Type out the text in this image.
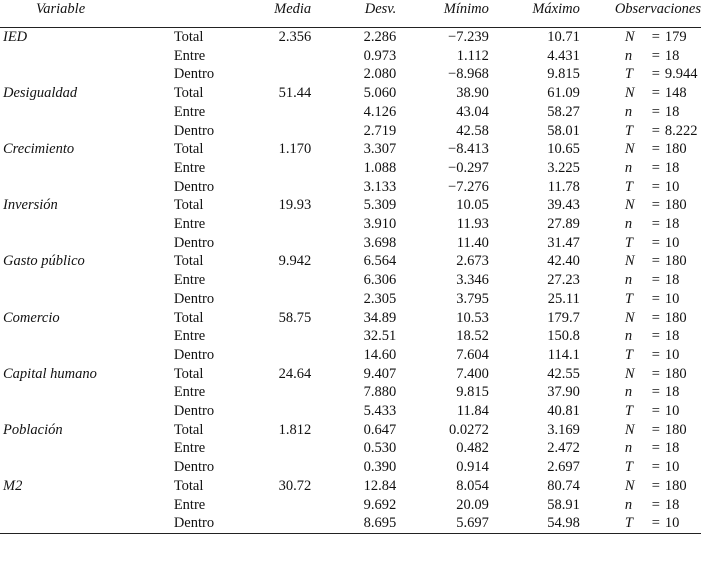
Variable		Media	Desv.	Mínimo	Máximo	Observaciones
IED	Total	2.356	2.286	−7.239	10.71	N = 179
	Entre		0.973	1.112	4.431	n = 18
	Dentro		2.080	−8.968	9.815	T = 9.944
Desigualdad	Total	51.44	5.060	38.90	61.09	N = 148
	Entre		4.126	43.04	58.27	n = 18
	Dentro		2.719	42.58	58.01	T = 8.222
Crecimiento	Total	1.170	3.307	−8.413	10.65	N = 180
	Entre		1.088	−0.297	3.225	n = 18
	Dentro		3.133	−7.276	11.78	T = 10
Inversión	Total	19.93	5.309	10.05	39.43	N = 180
	Entre		3.910	11.93	27.89	n = 18
	Dentro		3.698	11.40	31.47	T = 10
Gasto público	Total	9.942	6.564	2.673	42.40	N = 180
	Entre		6.306	3.346	27.23	n = 18
	Dentro		2.305	3.795	25.11	T = 10
Comercio	Total	58.75	34.89	10.53	179.7	N = 180
	Entre		32.51	18.52	150.8	n = 18
	Dentro		14.60	7.604	114.1	T = 10
Capital humano	Total	24.64	9.407	7.400	42.55	N = 180
	Entre		7.880	9.815	37.90	n = 18
	Dentro		5.433	11.84	40.81	T = 10
Población	Total	1.812	0.647	0.0272	3.169	N = 180
	Entre		0.530	0.482	2.472	n = 18
	Dentro		0.390	0.914	2.697	T = 10
M2	Total	30.72	12.84	8.054	80.74	N = 180
	Entre		9.692	20.09	58.91	n = 18
	Dentro		8.695	5.697	54.98	T = 10
